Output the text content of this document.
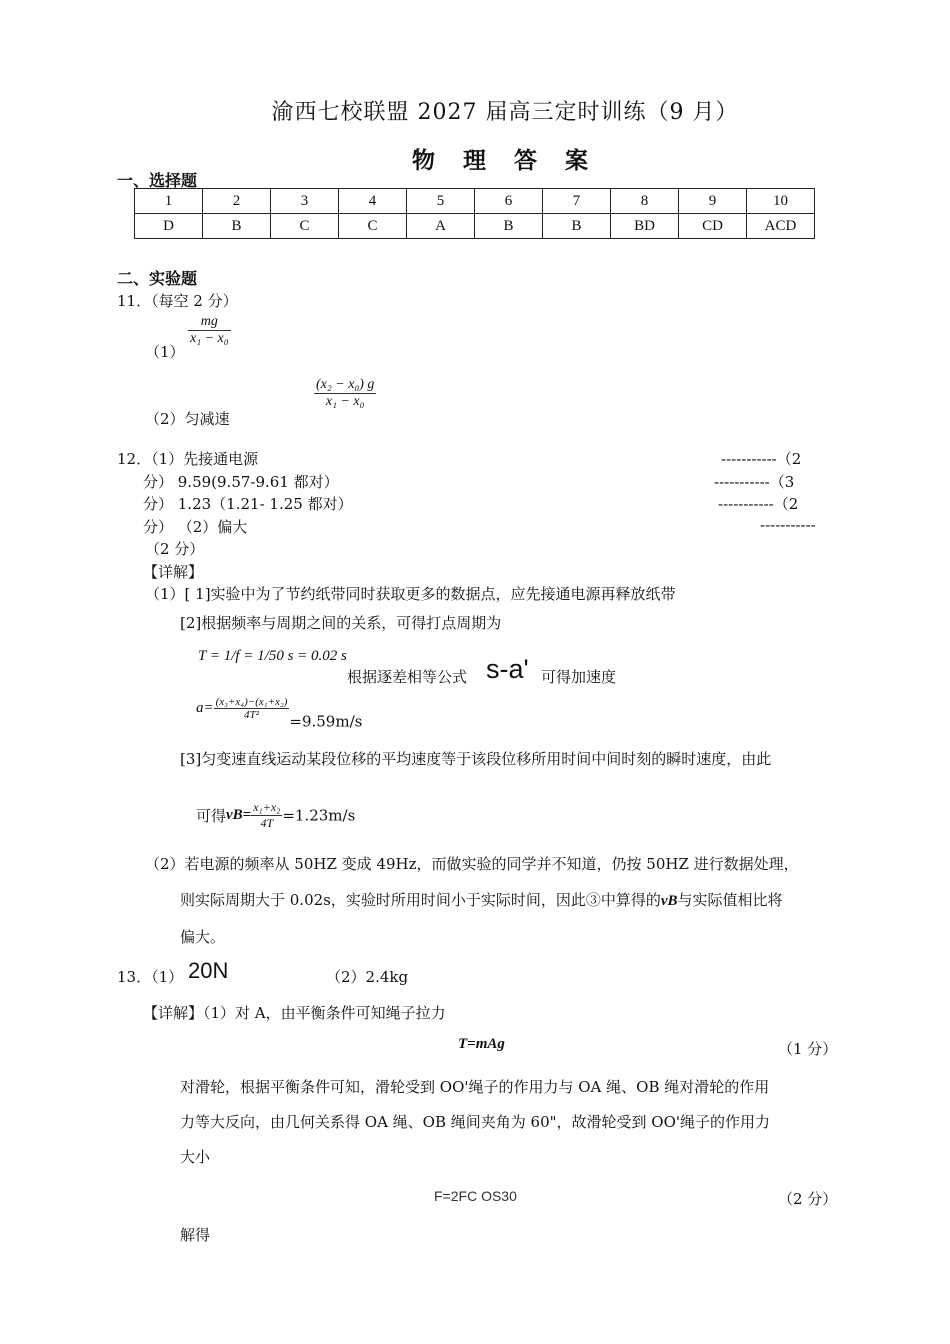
渝西七校联盟 2027 届高三定时训练（9 月）
物 理 答 案
一、选择题
1	2	3	4	5	6	7	8	9	10
D	B	C	C	A	B	B	BD	CD	ACD
二、实验题
11．（每空 2 分）
（1）
$\frac{mg}{\text{x₁ − x₀}}$
（2）匀减速
$\frac{\text{(x₂ − x₀) g}}{\text{x₁ − x₀}}$
12．（1）先接通电源	-----------（2
分） 9.59(9.57-9.61 都对）	-----------（3
分） 1.23（1.21- 1.25 都对）	-----------（2
分） （2）偏大	-----------
（2 分）
【详解】
（1）[ 1]实验中为了节约纸带同时获取更多的数据点，应先接通电源再释放纸带
[2]根据频率与周期之间的关系，可得打点周期为
T = 1/f = 1/50 s = 0.02 s
根据逐差相等公式 s-a' 可得加速度
$a= \frac{\text{(x₃+x₄)−(x₁+x₂)}}{\text{4T²}}$
=9.59m/s
[3]匀变速直线运动某段位移的平均速度等于该段位移所用时间中间时刻的瞬时速度，由此
可得$vB= \frac{\text{x₁+x₂}}{4T} =1.23m/s$
（2）若电源的频率从 50HZ 变成 49Hz，而做实验的同学并不知道，仍按 50HZ 进行数据处理，
则实际周期大于 0.02s，实验时所用时间小于实际时间，因此③中算得的vB与实际值相比将
偏大。
13．（1） 20N	（2）2.4kg
【详解】（1）对 A，由平衡条件可知绳子拉力
T=mAg	（1 分）
对滑轮，根据平衡条件可知，滑轮受到 OO'绳子的作用力与 OA 绳、OB 绳对滑轮的作用
力等大反向，由几何关系得 OA 绳、OB 绳间夹角为 60"，故滑轮受到 OO'绳子的作用力
大小
F=2FC OS30	（2 分）
解得
